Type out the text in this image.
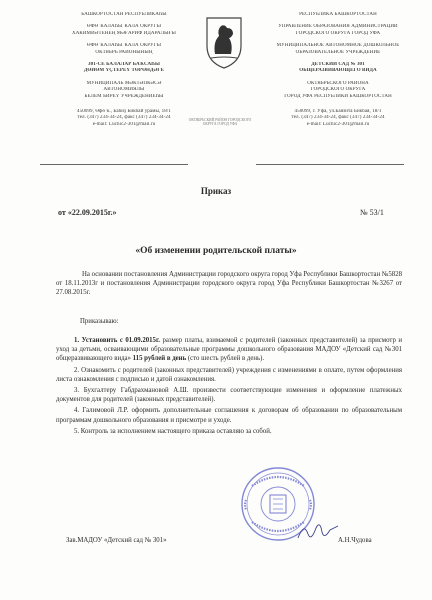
БАШКОРТОСТАН РЕСПУБЛИКАҺЫ
ӨФӨ ҠАЛАҺЫ ҠАЛА ОКРУГЫ
ХАКИМИӘТЕНЕҢ МӘҒАРИФ ИДАРАЛЫҒЫ
ӨФӨ ҠАЛАҺЫ ҠАЛА ОКРУГЫ
ОКТЯБРЬ РАЙОНЫНЫҢ
301-СЕ БАЛАЛАР БАҠСАҺЫ
ДӨЙӨМ ҮҪТЕРЕҮ ТӨРӨНДӘГЕ
МУНИЦИПАЛЬ МӘКТӘПКӘСӘ
АВТОНОМИЯЛЫ
БЕЛЕМ БИРЕҮ УЧРЕЖДЕНИЕҺЫ
450099, Өфө ҡ., Баһиҙ Бикбай урамы, 18/1
тел. (347) 234-34-24, факс (347) 234-34-24
e-mail: Luchic2-301@mail.ru
ОКТЯБРЬСКИЙ РАЙОН ГОРОДСКОГО ОКРУГА ГОРОД УФА
РЕСПУБЛИКА БАШКОРТОСТАН
УПРАВЛЕНИЕ ОБРАЗОВАНИЯ АДМИНИСТРАЦИИ
ГОРОДСКОГО ОКРУГА ГОРОД УФА
МУНИЦИПАЛЬНОЕ АВТОНОМНОЕ ДОШКОЛЬНОЕ
ОБРАЗОВАТЕЛЬНОЕ УЧРЕЖДЕНИЕ
ДЕТСКИЙ САД № 301
ОБЩЕРАЗВИВАЮЩЕГО ВИДА
ОКТЯБРЬСКОГО РАЙОНА
ГОРОДСКОГО ОКРУГА
ГОРОД УФА РЕСПУБЛИКИ БАШКОРТОСТАН
450099, г. Уфа, ул.Баязита Бикбая, 18/1
тел. (347) 234-34-24, факс (347) 234-34-24
e-mail: Luchic2-301@mail.ru
Приказ
от «22.09.2015г.»	№ 53/1
«Об изменении родительской платы»
На основании постановления Администрации городского округа город Уфа Республики Башкортостан №5828 от 18.11.2013г и постановления Администрации городского округа город Уфа Республики Башкортостан №3267 от 27.08.2015г.
Приказываю:

1. Установить с 01.09.2015г. размер платы, взимаемой с родителей (законных представителей) за присмотр и уход за детьми, осваивающими образовательные программы дошкольного образования МАДОУ «Детский сад №301 общеразвивающего вида» 115 рублей в день (сто шесть рублей в день).

2. Ознакомить с родителей (законных представителей) учреждения с изменениями в оплате, путем оформления листа ознакомления с подписью и датой ознакомления.

3. Бухгалтеру Габдрахмановой А.Ш. произвести соответствующие изменения и оформление платежных документов для родителей (законных представителей).

4. Галимовой Л.Р. оформить дополнительные соглашения к договорам об образовании по образовательным программам дошкольного образования и присмотре и уходе.

5. Контроль за исполнением настоящего приказа оставляю за собой.

Зав.МАДОУ «Детский сад № 301»	А.Н.Чудова
